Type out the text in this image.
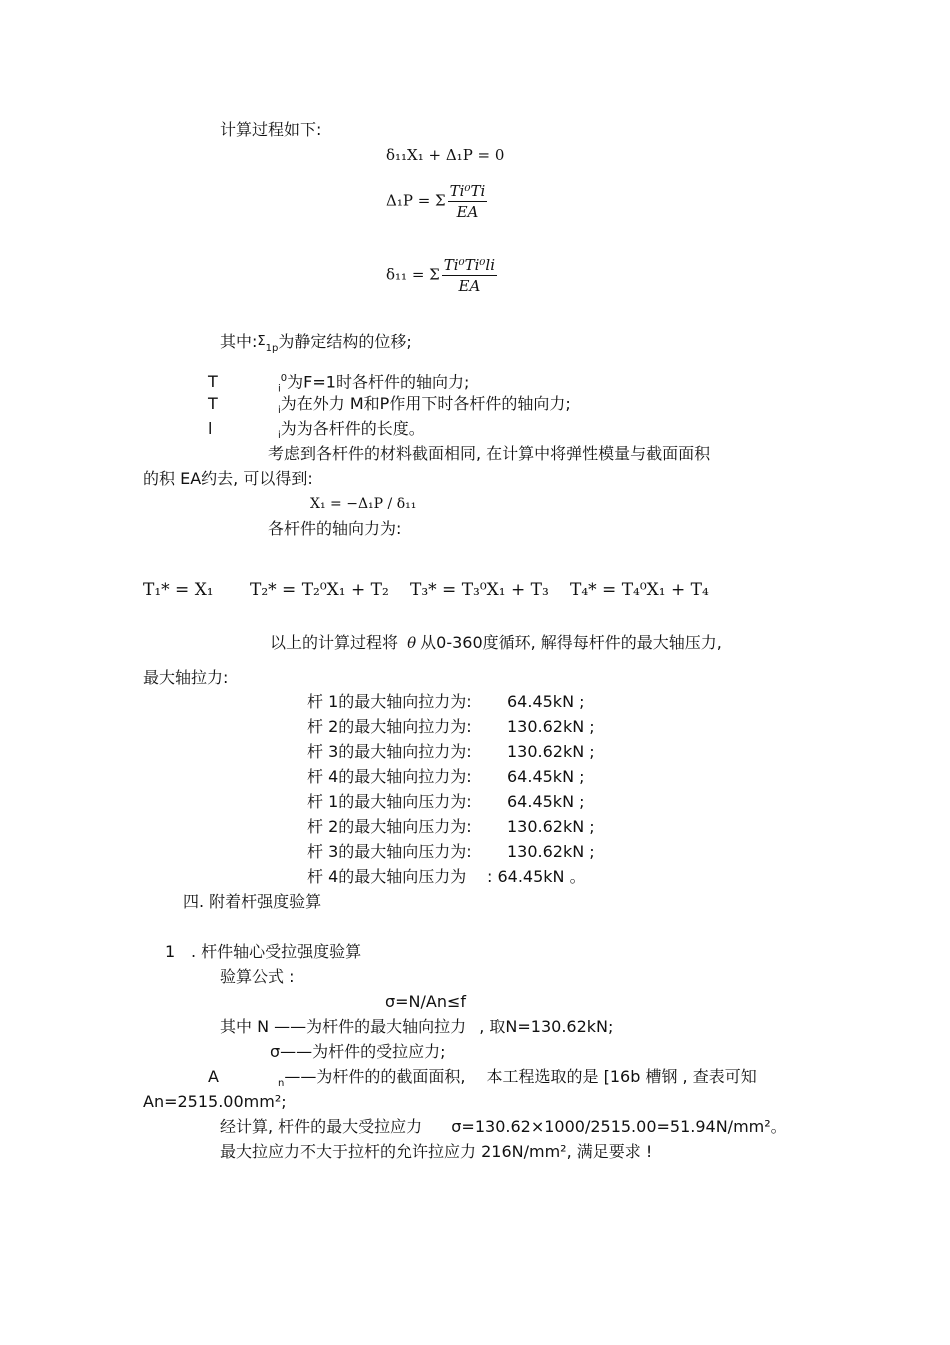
计算过程如下:
δ₁₁X₁ + Δ₁P = 0
Δ₁P = Σ $\frac{\text{Ti⁰Ti}}{EA}$
δ₁₁ = Σ $\frac{\text{Ti⁰Ti⁰li}}{EA}$
其中:$^\Sigma_{1p}$为静定结构的位移;
T	$_i^0$为F=1时各杆件的轴向力;
T	$_i$为在外力 M和P作用下时各杆件的轴向力;
l	$_i$为为各杆件的长度。
考虑到各杆件的材料截面相同, 在计算中将弹性模量与截面面积
的积 EA约去, 可以得到:
X₁ = −Δ₁P / δ₁₁
各杆件的轴向力为:
T₁* = X₁ T₂* = T₂⁰X₁ + T₂ T₃* = T₃⁰X₁ + T₃ T₄* = T₄⁰X₁ + T₄
以上的计算过程将 θ 从0-360度循环, 解得每杆件的最大轴压力,
最大轴拉力:
杆 1的最大轴向拉力为: 64.45kN ;
杆 2的最大轴向拉力为: 130.62kN ;
杆 3的最大轴向拉力为: 130.62kN ;
杆 4的最大轴向拉力为: 64.45kN ;
杆 1的最大轴向压力为: 64.45kN ;
杆 2的最大轴向压力为: 130.62kN ;
杆 3的最大轴向压力为: 130.62kN ;
杆 4的最大轴向压力为 : 64.45kN 。
四. 附着杆强度验算
1 . 杆件轴心受拉强度验算
验算公式 :
σ=N/An≤f
其中 N ——为杆件的最大轴向拉力 , 取N=130.62kN;
σ——为杆件的受拉应力;
A	$_n$——为杆件的的截面面积, 本工程选取的是 [16b 槽钢 , 查表可知
An=2515.00mm²;
经计算, 杆件的最大受拉应力 σ=130.62×1000/2515.00=51.94N/mm²。
最大拉应力不大于拉杆的允许拉应力 216N/mm², 满足要求 !
